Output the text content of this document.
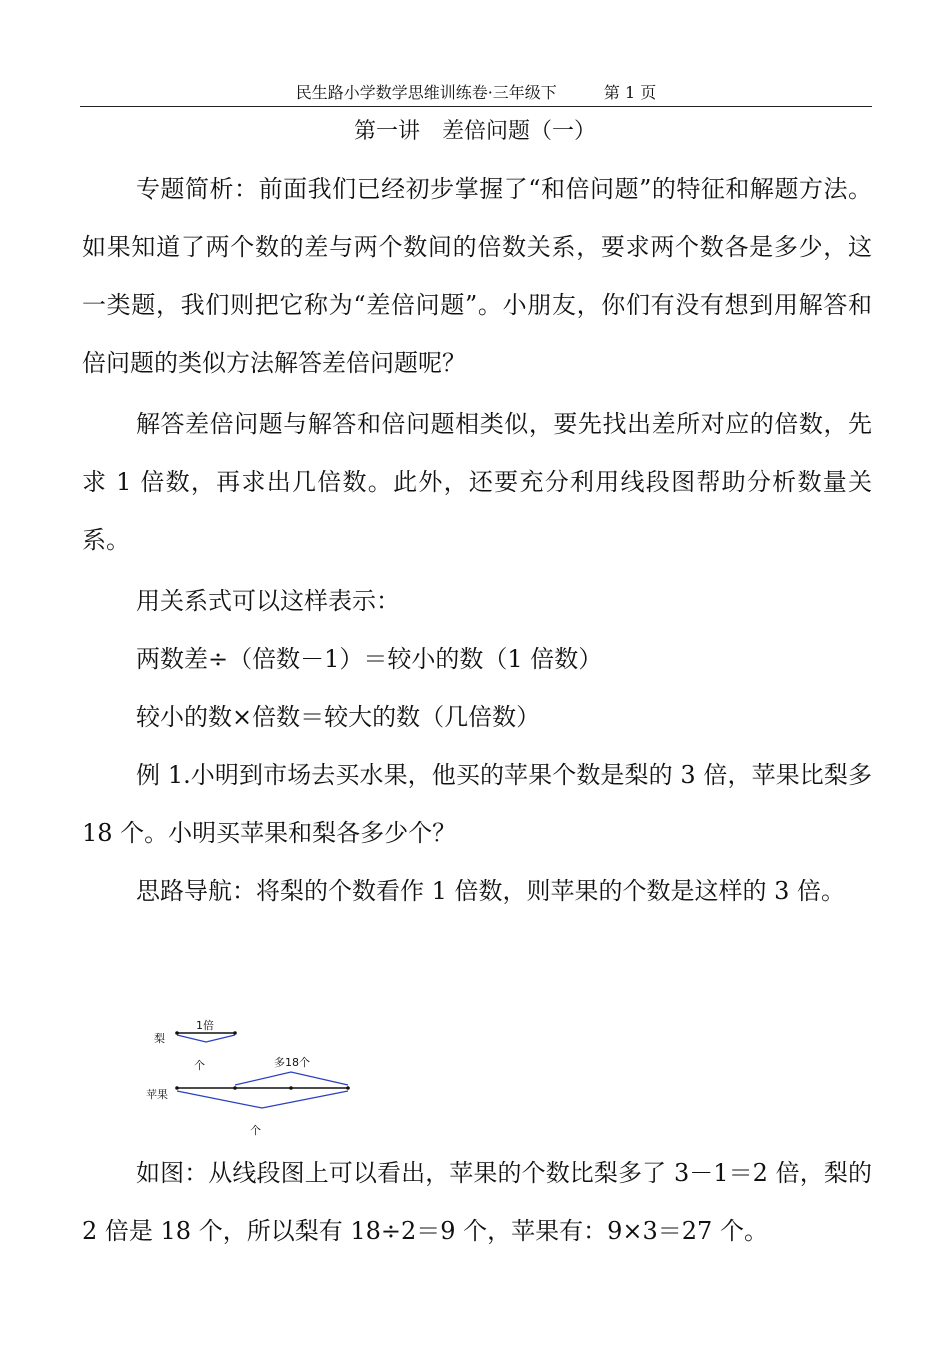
民生路小学数学思维训练卷·三年级下	第 1 页
第一讲　差倍问题（一）

专题简析：前面我们已经初步掌握了“和倍问题”的特征和解题方法。如果知道了两个数的差与两个数间的倍数关系，要求两个数各是多少，这一类题，我们则把它称为“差倍问题”。小朋友，你们有没有想到用解答和倍问题的类似方法解答差倍问题呢？

解答差倍问题与解答和倍问题相类似，要先找出差所对应的倍数，先求 1 倍数，再求出几倍数。此外，还要充分利用线段图帮助分析数量关系。

用关系式可以这样表示：

两数差÷（倍数－1）＝较小的数（1 倍数）

较小的数×倍数＝较大的数（几倍数）

例 1.小明到市场去买水果，他买的苹果个数是梨的 3 倍，苹果比梨多 18 个。小明买苹果和梨各多少个？

思路导航：将梨的个数看作 1 倍数，则苹果的个数是这样的 3 倍。

梨
1倍
个	多18个
苹果
个

如图：从线段图上可以看出，苹果的个数比梨多了 3－1＝2 倍，梨的 2 倍是 18 个，所以梨有 18÷2＝9 个，苹果有：9×3＝27 个。
